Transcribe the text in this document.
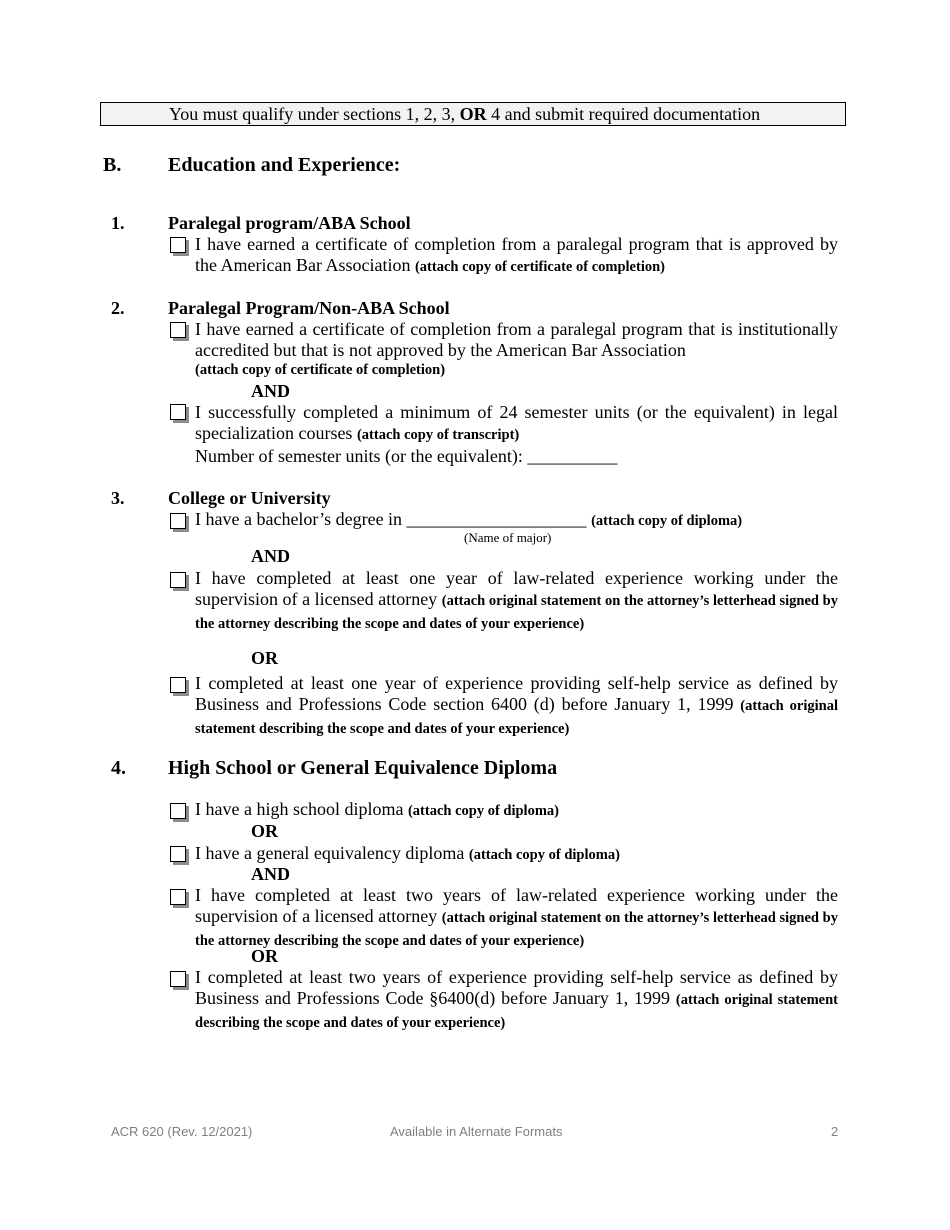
You must qualify under sections 1, 2, 3, OR 4 and submit required documentation
B. Education and Experience:
1. Paralegal program/ABA School
I have earned a certificate of completion from a paralegal program that is approved by the American Bar Association (attach copy of certificate of completion)
2. Paralegal Program/Non-ABA School
I have earned a certificate of completion from a paralegal program that is institutionally accredited but that is not approved by the American Bar Association
(attach copy of certificate of completion)
AND
I successfully completed a minimum of 24 semester units (or the equivalent) in legal specialization courses (attach copy of transcript)
Number of semester units (or the equivalent): __________
3. College or University
I have a bachelor’s degree in ____________________ (attach copy of diploma)
(Name of major)
AND
I have completed at least one year of law-related experience working under the supervision of a licensed attorney (attach original statement on the attorney’s letterhead signed by the attorney describing the scope and dates of your experience)
OR
I completed at least one year of experience providing self-help service as defined by Business and Professions Code section 6400 (d) before January 1, 1999 (attach original statement describing the scope and dates of your experience)
4. High School or General Equivalence Diploma
I have a high school diploma (attach copy of diploma)
OR
I have a general equivalency diploma (attach copy of diploma)
AND
I have completed at least two years of law-related experience working under the supervision of a licensed attorney (attach original statement on the attorney’s letterhead signed by the attorney describing the scope and dates of your experience)
OR
I completed at least two years of experience providing self-help service as defined by Business and Professions Code §6400(d) before January 1, 1999 (attach original statement describing the scope and dates of your experience)
ACR 620 (Rev. 12/2021)	Available in Alternate Formats	2
